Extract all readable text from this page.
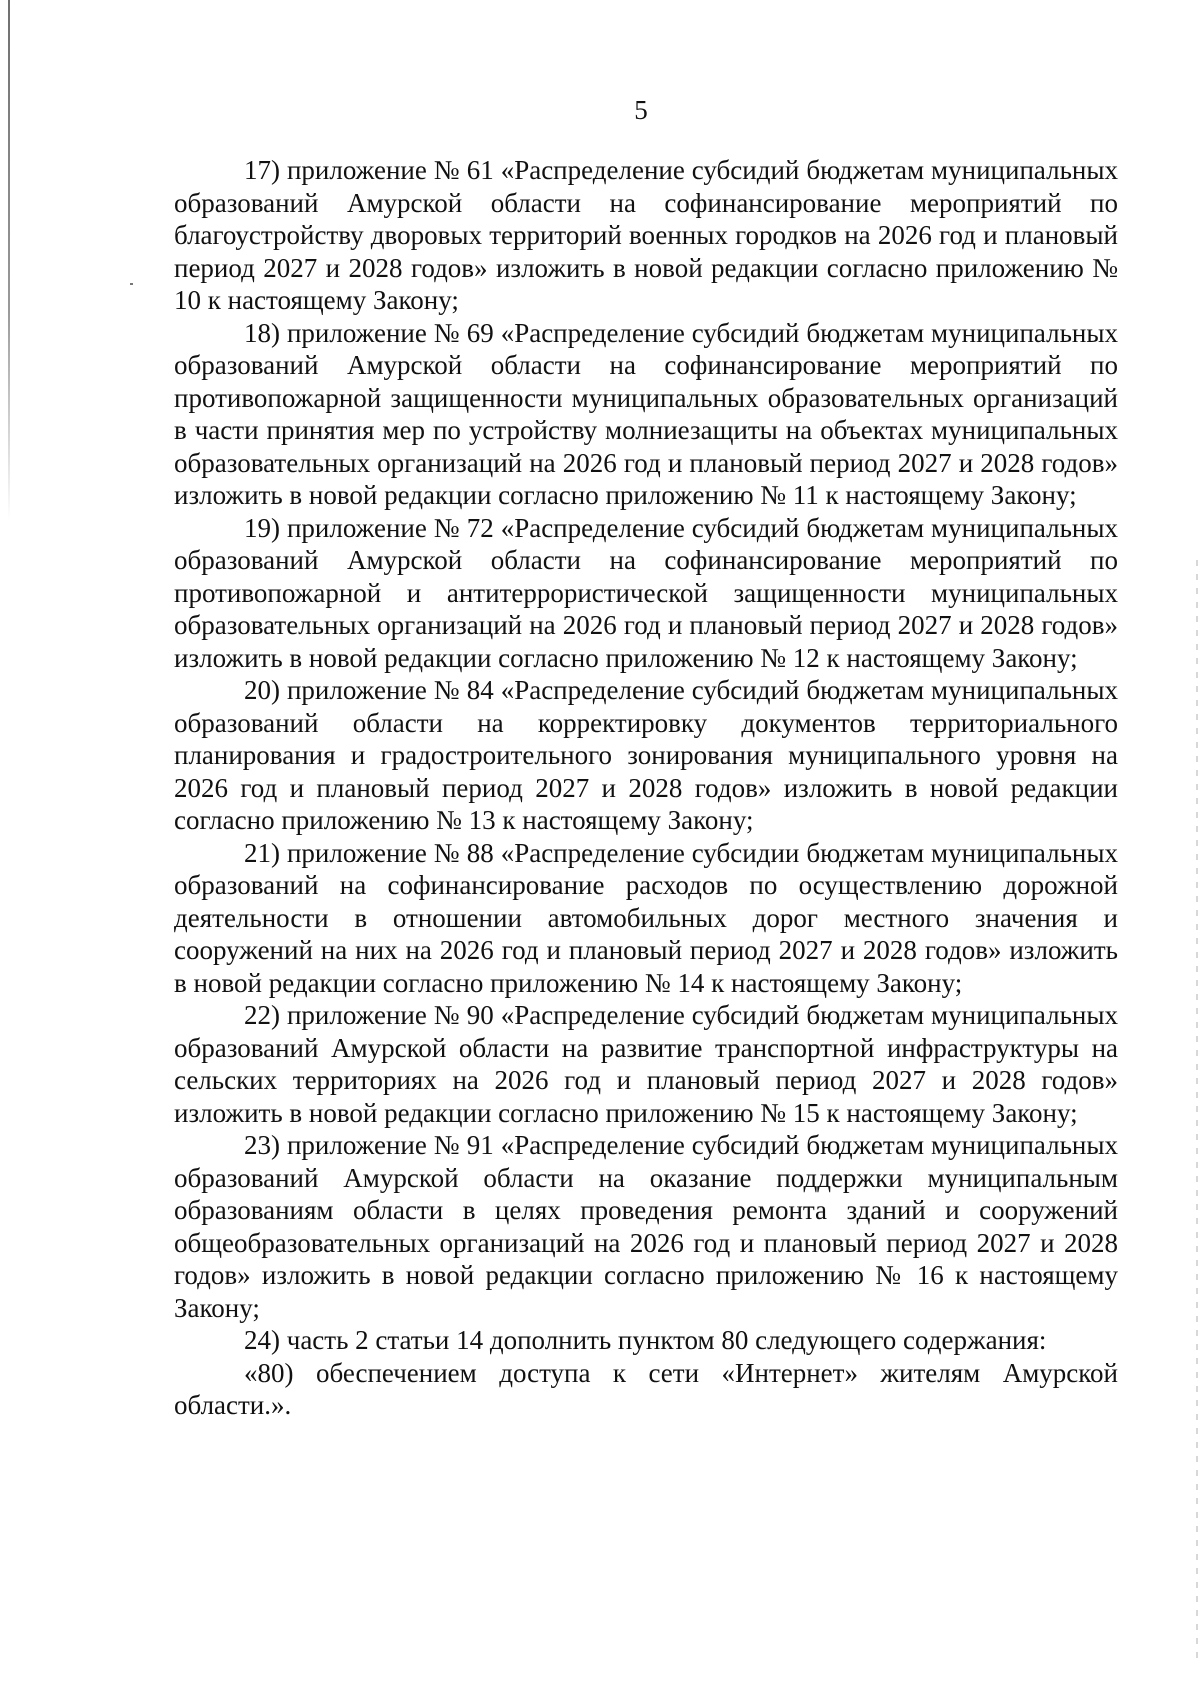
5

17) приложение № 61 «Распределение субсидий бюджетам муниципальных образований Амурской области на софинансирование мероприятий по благоустройству дворовых территорий военных городков на 2026 год и плановый период 2027 и 2028 годов» изложить в новой редакции согласно приложению № 10 к настоящему Закону;

18) приложение № 69 «Распределение субсидий бюджетам муниципальных образований Амурской области на софинансирование мероприятий по противопожарной защищенности муниципальных образовательных организаций в части принятия мер по устройству молниезащиты на объектах муниципальных образовательных организаций на 2026 год и плановый период 2027 и 2028 годов» изложить в новой редакции согласно приложению № 11 к настоящему Закону;

19) приложение № 72 «Распределение субсидий бюджетам муниципальных образований Амурской области на софинансирование мероприятий по противопожарной и антитеррористической защищенности муниципальных образовательных организаций на 2026 год и плановый период 2027 и 2028 годов» изложить в новой редакции согласно приложению № 12 к настоящему Закону;

20) приложение № 84 «Распределение субсидий бюджетам муниципальных образований области на корректировку документов территориального планирования и градостроительного зонирования муниципального уровня на 2026 год и плановый период 2027 и 2028 годов» изложить в новой редакции согласно приложению № 13 к настоящему Закону;

21) приложение № 88 «Распределение субсидии бюджетам муниципальных образований на софинансирование расходов по осуществлению дорожной деятельности в отношении автомобильных дорог местного значения и сооружений на них на 2026 год и плановый период 2027 и 2028 годов» изложить в новой редакции согласно приложению № 14 к настоящему Закону;

22) приложение № 90 «Распределение субсидий бюджетам муниципальных образований Амурской области на развитие транспортной инфраструктуры на сельских территориях на 2026 год и плановый период 2027 и 2028 годов» изложить в новой редакции согласно приложению № 15 к настоящему Закону;

23) приложение № 91 «Распределение субсидий бюджетам муниципальных образований Амурской области на оказание поддержки муниципальным образованиям области в целях проведения ремонта зданий и сооружений общеобразовательных организаций на 2026 год и плановый период 2027 и 2028 годов» изложить в новой редакции согласно приложению № 16 к настоящему Закону;

24) часть 2 статьи 14 дополнить пунктом 80 следующего содержания:

«80) обеспечением доступа к сети «Интернет» жителям Амурской области.».
